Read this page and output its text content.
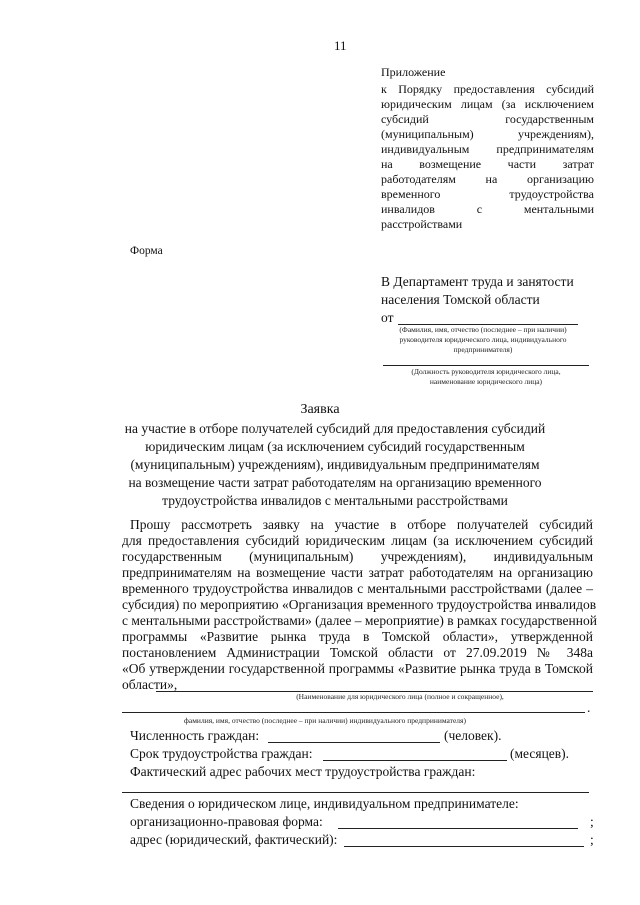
11
Приложение
к Порядку предоставления субсидий
юридическим лицам (за исключением
субсидий государственным
(муниципальным) учреждениям),
индивидуальным предпринимателям
на возмещение части затрат
работодателям на организацию
временного трудоустройства
инвалидов с ментальными
расстройствами
Форма
В Департамент труда и занятости
населения Томской области
от
(Фамилия, имя, отчество (последнее – при наличии)
руководителя юридического лица, индивидуального
предпринимателя)
(Должность руководителя юридического лица,
наименование юридического лица)
Заявка
на участие в отборе получателей субсидий для предоставления субсидий
юридическим лицам (за исключением субсидий государственным
(муниципальным) учреждениям), индивидуальным предпринимателям
на возмещение части затрат работодателям на организацию временного
трудоустройства инвалидов с ментальными расстройствами
Прошу рассмотреть заявку на участие в отборе получателей субсидий
для предоставления субсидий юридическим лицам (за исключением субсидий
государственным (муниципальным) учреждениям), индивидуальным
предпринимателям на возмещение части затрат работодателям на организацию
временного трудоустройства инвалидов с ментальными расстройствами (далее –
субсидия) по мероприятию «Организация временного трудоустройства инвалидов
с ментальными расстройствами» (далее – мероприятие) в рамках государственной
программы «Развитие рынка труда в Томской области», утвержденной
постановлением Администрации Томской области от 27.09.2019 № 348а
«Об утверждении государственной программы «Развитие рынка труда в Томской
области»,
(Наименование для юридического лица (полное и сокращенное),
.
фамилия, имя, отчество (последнее – при наличии) индивидуального предпринимателя)
Численность граждан:	(человек).
Срок трудоустройства граждан:	(месяцев).
Фактический адрес рабочих мест трудоустройства граждан:
Сведения о юридическом лице, индивидуальном предпринимателе:
организационно-правовая форма:	;
адрес (юридический, фактический):	;
